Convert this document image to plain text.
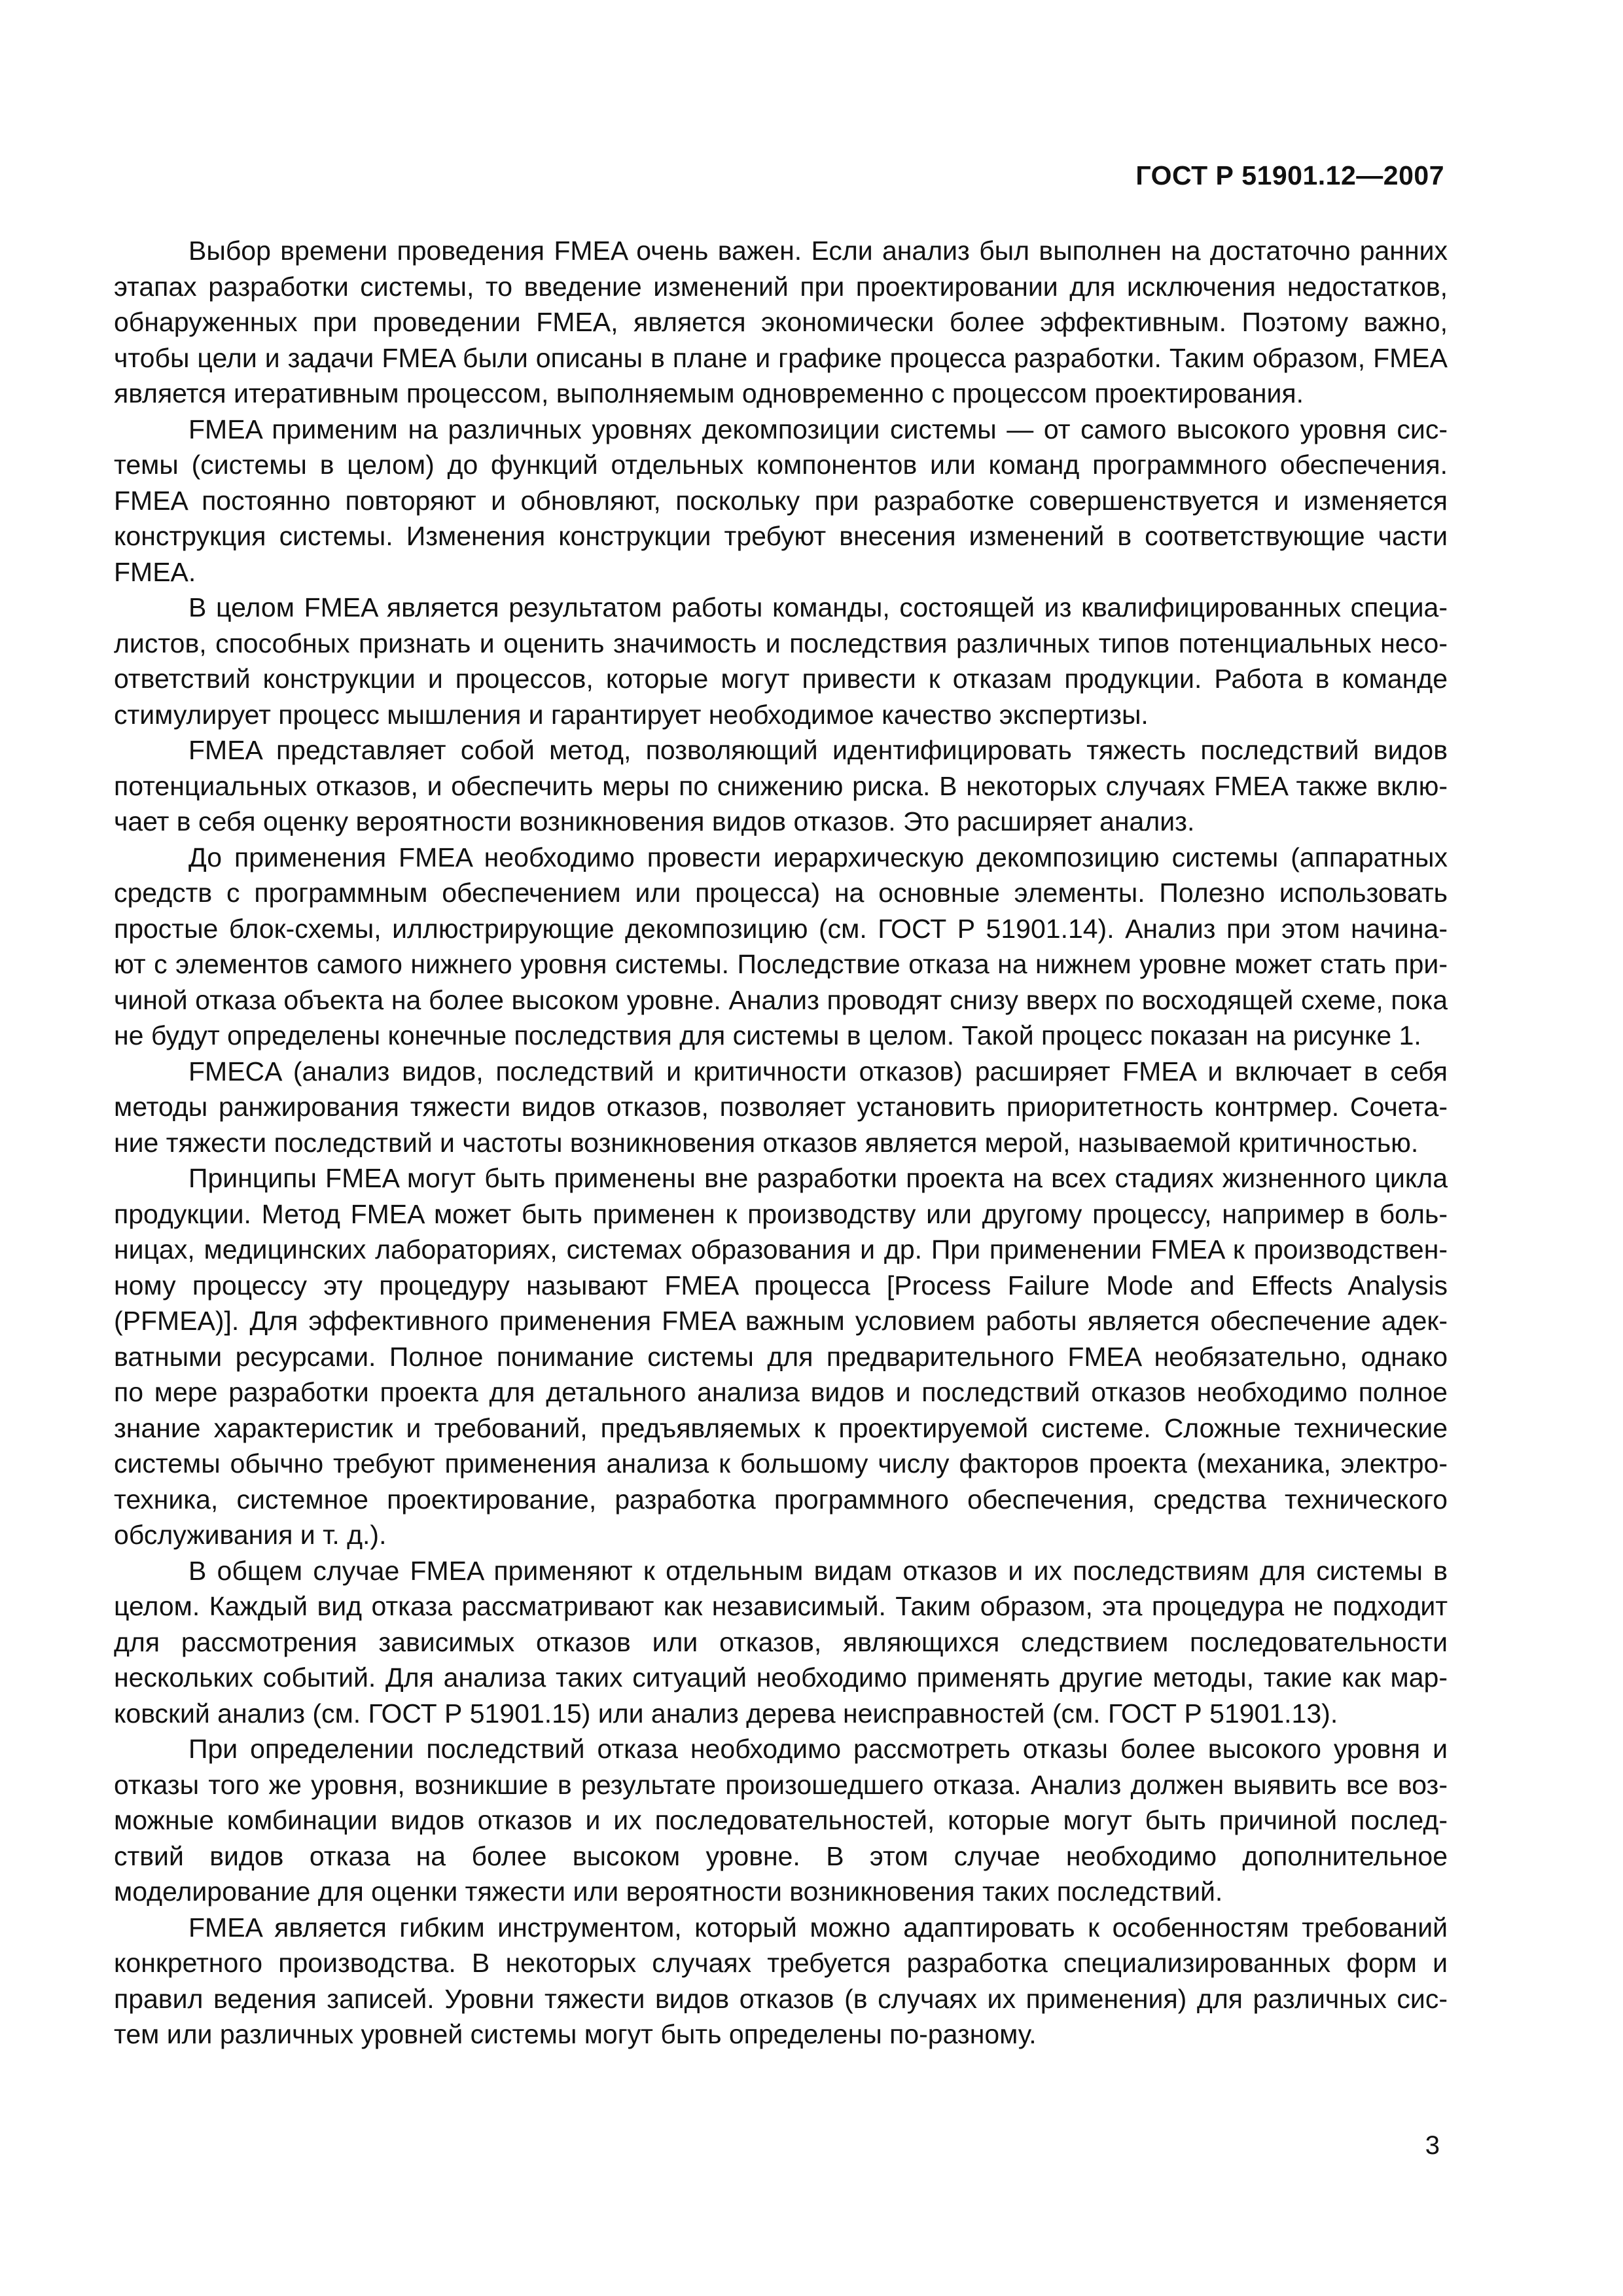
ГОСТ Р 51901.12—2007
Выбор времени проведения FMEA очень важен. Если анализ был выполнен на достаточно ранних
этапах разработки системы, то введение изменений при проектировании для исключения недостатков,
обнаруженных при проведении FMEA, является экономически более эффективным. Поэтому важно,
чтобы цели и задачи FMEA были описаны в плане и графике процесса разработки. Таким образом, FMEA
является итеративным процессом, выполняемым одновременно с процессом проектирования.
FMEA применим на различных уровнях декомпозиции системы — от самого высокого уровня сис-
темы (системы в целом) до функций отдельных компонентов или команд программного обеспечения.
FMEA постоянно повторяют и обновляют, поскольку при разработке совершенствуется и изменяется
конструкция системы. Изменения конструкции требуют внесения изменений в соответствующие части
FMEA.
В целом FMEA является результатом работы команды, состоящей из квалифицированных специа-
листов, способных признать и оценить значимость и последствия различных типов потенциальных несо-
ответствий конструкции и процессов, которые могут привести к отказам продукции. Работа в команде
стимулирует процесс мышления и гарантирует необходимое качество экспертизы.
FMEA представляет собой метод, позволяющий идентифицировать тяжесть последствий видов
потенциальных отказов, и обеспечить меры по снижению риска. В некоторых случаях FMEA также вклю-
чает в себя оценку вероятности возникновения видов отказов. Это расширяет анализ.
До применения FMEA необходимо провести иерархическую декомпозицию системы (аппаратных
средств с программным обеспечением или процесса) на основные элементы. Полезно использовать
простые блок-схемы, иллюстрирующие декомпозицию (см. ГОСТ Р 51901.14). Анализ при этом начина-
ют с элементов самого нижнего уровня системы. Последствие отказа на нижнем уровне может стать при-
чиной отказа объекта на более высоком уровне. Анализ проводят снизу вверх по восходящей схеме, пока
не будут определены конечные последствия для системы в целом. Такой процесс показан на рисунке 1.
FMECA (анализ видов, последствий и критичности отказов) расширяет FMEA и включает в себя
методы ранжирования тяжести видов отказов, позволяет установить приоритетность контрмер. Сочета-
ние тяжести последствий и частоты возникновения отказов является мерой, называемой критичностью.
Принципы FMEA могут быть применены вне разработки проекта на всех стадиях жизненного цикла
продукции. Метод FMEA может быть применен к производству или другому процессу, например в боль-
ницах, медицинских лабораториях, системах образования и др. При применении FMEA к производствен-
ному процессу эту процедуру называют FMEA процесса [Process Failure Mode and Effects Analysis
(PFMEA)]. Для эффективного применения FMEA важным условием работы является обеспечение адек-
ватными ресурсами. Полное понимание системы для предварительного FMEA необязательно, однако
по мере разработки проекта для детального анализа видов и последствий отказов необходимо полное
знание характеристик и требований, предъявляемых к проектируемой системе. Сложные технические
системы обычно требуют применения анализа к большому числу факторов проекта (механика, электро-
техника, системное проектирование, разработка программного обеспечения, средства технического
обслуживания и т. д.).
В общем случае FMEA применяют к отдельным видам отказов и их последствиям для системы в
целом. Каждый вид отказа рассматривают как независимый. Таким образом, эта процедура не подходит
для рассмотрения зависимых отказов или отказов, являющихся следствием последовательности
нескольких событий. Для анализа таких ситуаций необходимо применять другие методы, такие как мар-
ковский анализ (см. ГОСТ Р 51901.15) или анализ дерева неисправностей (см. ГОСТ Р 51901.13).
При определении последствий отказа необходимо рассмотреть отказы более высокого уровня и
отказы того же уровня, возникшие в результате произошедшего отказа. Анализ должен выявить все воз-
можные комбинации видов отказов и их последовательностей, которые могут быть причиной послед-
ствий видов отказа на более высоком уровне. В этом случае необходимо дополнительное
моделирование для оценки тяжести или вероятности возникновения таких последствий.
FMEA является гибким инструментом, который можно адаптировать к особенностям требований
конкретного производства. В некоторых случаях требуется разработка специализированных форм и
правил ведения записей. Уровни тяжести видов отказов (в случаях их применения) для различных сис-
тем или различных уровней системы могут быть определены по-разному.
3
